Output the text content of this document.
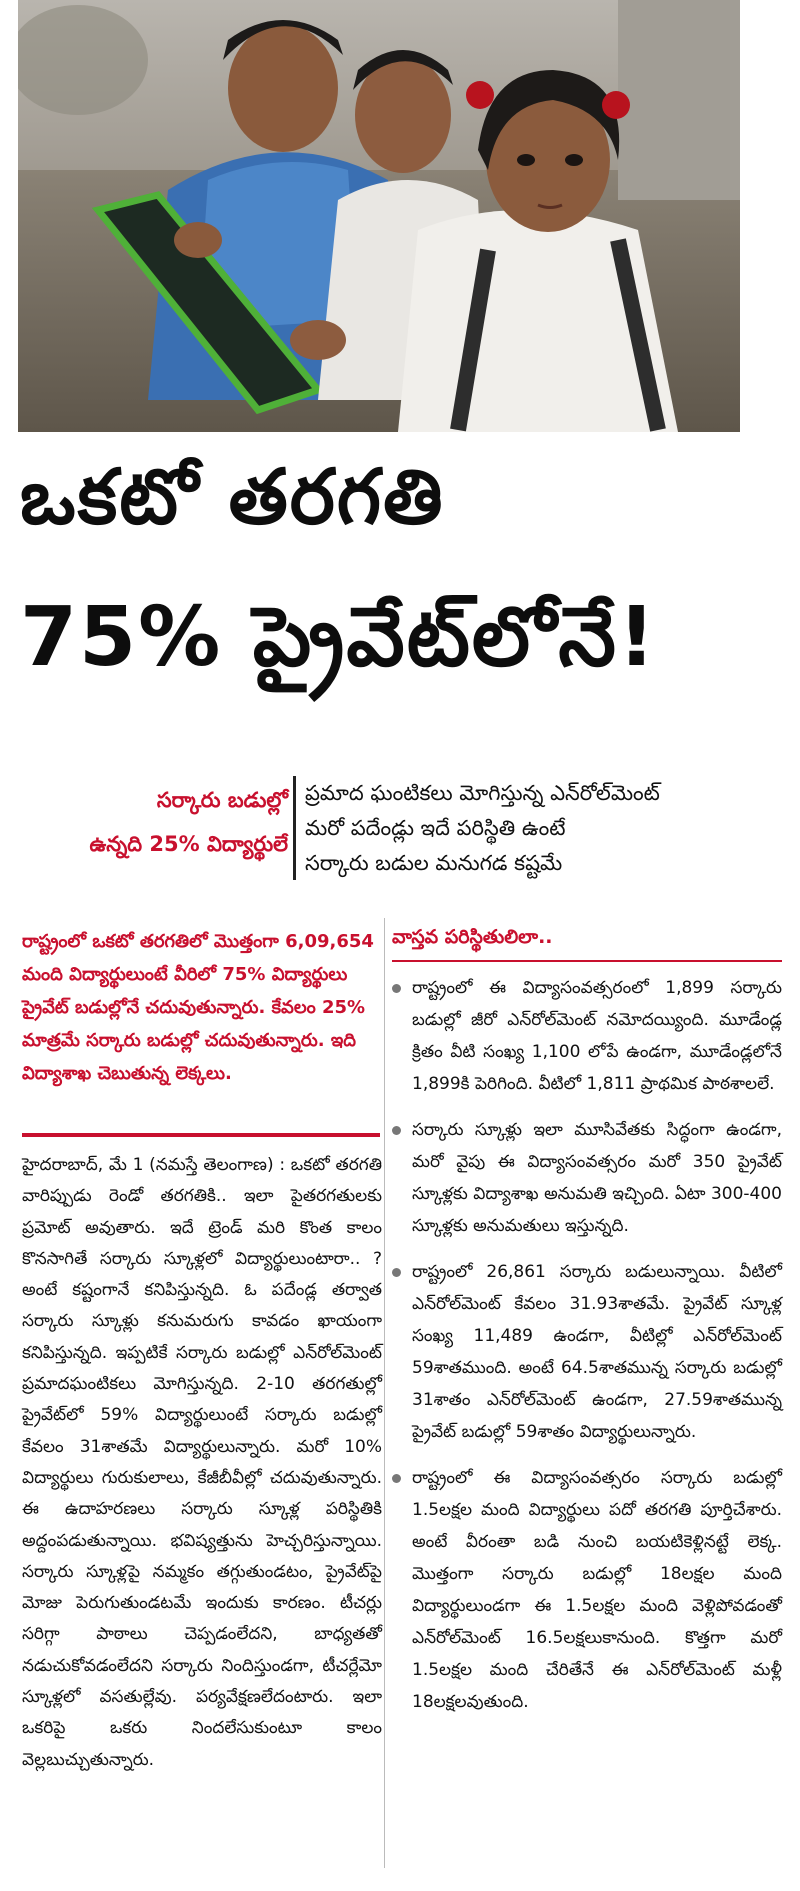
ఒకటో తరగతి
75% ప్రైవేట్‌లోనే!
సర్కారు బడుల్లో
ఉన్నది 25% విద్యార్థులే
ప్రమాద ఘంటికలు మోగిస్తున్న ఎన్‌రోల్‌మెంట్
మరో పదేండ్లు ఇదే పరిస్థితి ఉంటే
సర్కారు బడుల మనుగడ కష్టమే
రాష్ట్రంలో ఒకటో తరగతిలో మొత్తంగా 6,09,654 మంది విద్యార్థులుంటే వీరిలో 75% విద్యార్థులు ప్రైవేట్ బడుల్లోనే చదువుతున్నారు. కేవలం 25% మాత్రమే సర్కారు బడుల్లో చదువుతున్నారు. ఇది విద్యాశాఖ చెబుతున్న లెక్కలు.
హైదరాబాద్, మే 1 (నమస్తే తెలంగాణ) : ఒకటో తరగతి వారిప్పుడు రెండో తరగతికి.. ఇలా పైతరగతులకు ప్రమోట్ అవుతారు. ఇదే ట్రెండ్ మరి కొంత కాలం కొనసాగితే సర్కారు స్కూళ్లలో విద్యార్థులుంటారా.. ? అంటే కష్టంగానే కనిపిస్తున్నది. ఓ పదేండ్ల తర్వాత సర్కారు స్కూళ్లు కనుమరుగు కావడం ఖాయంగా కనిపిస్తున్నది. ఇప్పటికే సర్కారు బడుల్లో ఎన్‌రోల్‌మెంట్ ప్రమాదఘంటికలు మోగిస్తున్నది. 2-10 తరగతుల్లో ప్రైవేట్‌లో 59% విద్యార్థులుంటే సర్కారు బడుల్లో కేవలం 31శాతమే విద్యార్థులున్నారు. మరో 10% విద్యార్థులు గురుకులాలు, కేజీబీవీల్లో చదువుతున్నారు. ఈ ఉదాహరణలు సర్కారు స్కూళ్ల పరిస్థితికి అద్దంపడుతున్నాయి. భవిష్యత్తును హెచ్చరిస్తున్నాయి. సర్కారు స్కూళ్లపై నమ్మకం తగ్గుతుండటం, ప్రైవేట్‌పై మోజు పెరుగుతుండటమే ఇందుకు కారణం. టీచర్లు సరిగ్గా పాఠాలు చెప్పడంలేదని, బాధ్యతతో నడుచుకోవడంలేదని సర్కారు నిందిస్తుండగా, టీచర్లేమో స్కూళ్లలో వసతుల్లేవు. పర్యవేక్షణలేదంటారు. ఇలా ఒకరిపై ఒకరు నిందలేసుకుంటూ కాలం వెల్లబుచ్చుతున్నారు.
వాస్తవ పరిస్థితులిలా..
రాష్ట్రంలో ఈ విద్యాసంవత్సరంలో 1,899 సర్కారు బడుల్లో జీరో ఎన్‌రోల్‌మెంట్ నమోదయ్యింది. మూడేండ్ల క్రితం వీటి సంఖ్య 1,100 లోపే ఉండగా, మూడేండ్లలోనే 1,899కి పెరిగింది. వీటిలో 1,811 ప్రాథమిక పాఠశాలలే.
సర్కారు స్కూళ్లు ఇలా మూసివేతకు సిద్ధంగా ఉండగా, మరో వైపు ఈ విద్యాసంవత్సరం మరో 350 ప్రైవేట్ స్కూళ్లకు విద్యాశాఖ అనుమతి ఇచ్చింది. ఏటా 300-400 స్కూళ్లకు అనుమతులు ఇస్తున్నది.
రాష్ట్రంలో 26,861 సర్కారు బడులున్నాయి. వీటిలో ఎన్‌రోల్‌మెంట్ కేవలం 31.93శాతమే. ప్రైవేట్ స్కూళ్ల సంఖ్య 11,489 ఉండగా, వీటిల్లో ఎన్‌రోల్‌మెంట్ 59శాతముంది. అంటే 64.5శాతమున్న సర్కారు బడుల్లో 31శాతం ఎన్‌రోల్‌మెంట్ ఉండగా, 27.59శాతమున్న ప్రైవేట్ బడుల్లో 59శాతం విద్యార్థులున్నారు.
రాష్ట్రంలో ఈ విద్యాసంవత్సరం సర్కారు బడుల్లో 1.5లక్షల మంది విద్యార్థులు పదో తరగతి పూర్తిచేశారు. అంటే వీరంతా బడి నుంచి బయటికెళ్లినట్టే లెక్క. మొత్తంగా సర్కారు బడుల్లో 18లక్షల మంది విద్యార్థులుండగా ఈ 1.5లక్షల మంది వెళ్లిపోవడంతో ఎన్‌రోల్‌మెంట్ 16.5లక్షలుకానుంది. కొత్తగా మరో 1.5లక్షల మంది చేరితేనే ఈ ఎన్‌రోల్‌మెంట్ మళ్లీ 18లక్షలవుతుంది.
